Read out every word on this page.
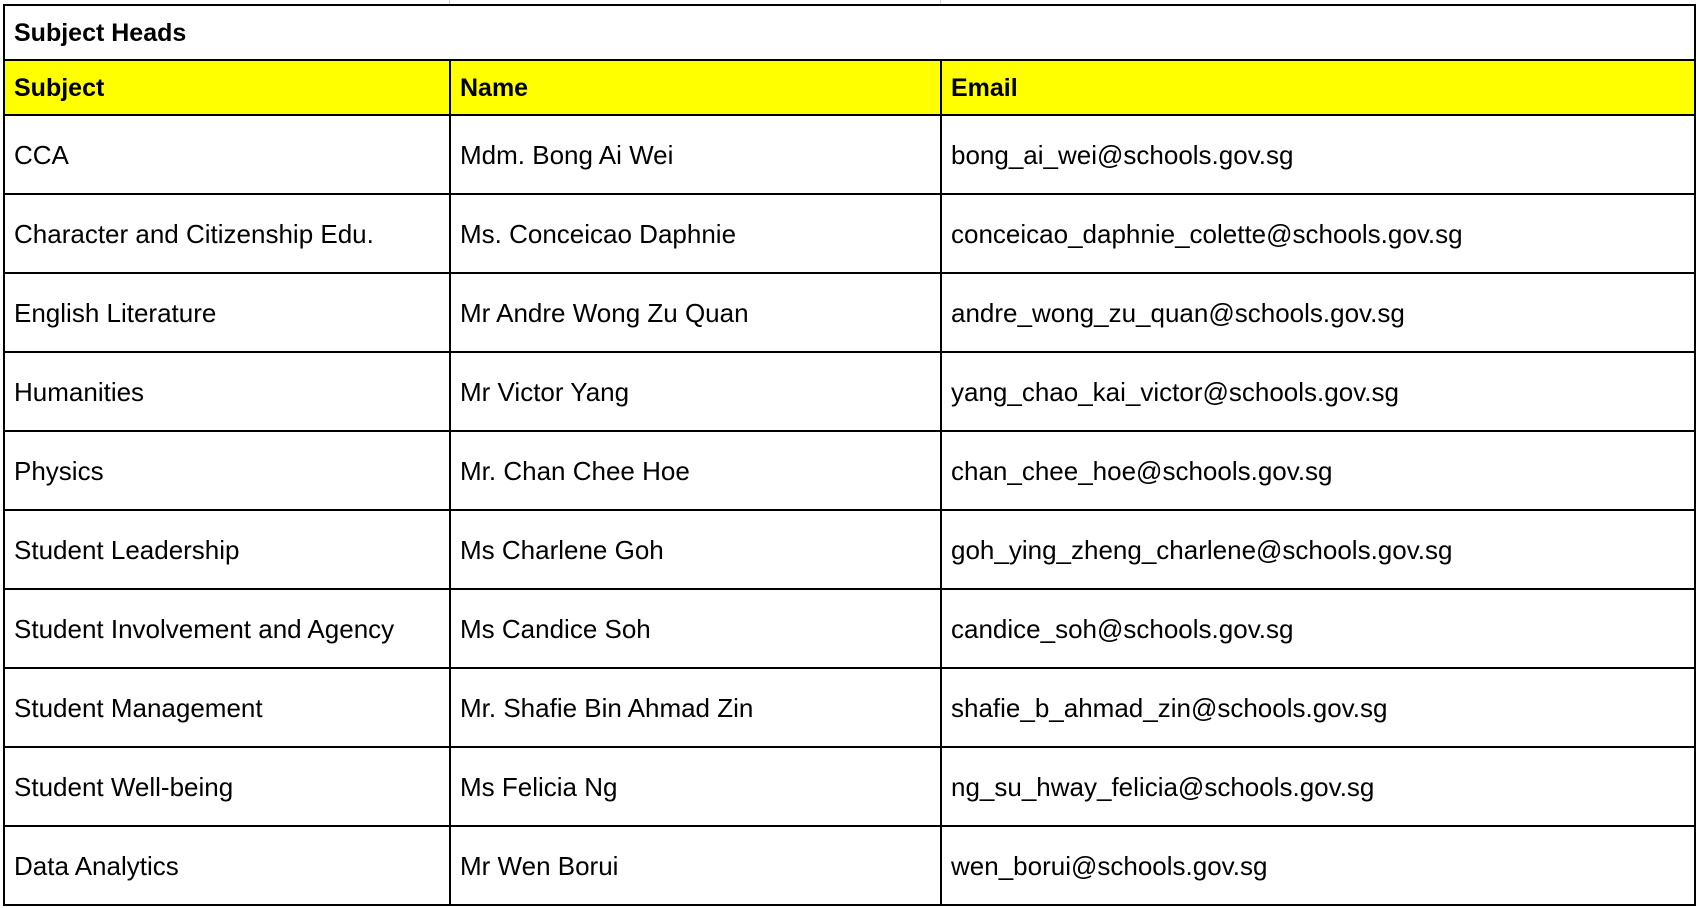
Subject Heads		
Subject	Name	Email
CCA	Mdm. Bong Ai Wei	bong_ai_wei@schools.gov.sg
Character and Citizenship Edu.	Ms. Conceicao Daphnie	conceicao_daphnie_colette@schools.gov.sg
English Literature	Mr Andre Wong Zu Quan	andre_wong_zu_quan@schools.gov.sg
Humanities	Mr Victor Yang	yang_chao_kai_victor@schools.gov.sg
Physics	Mr. Chan Chee Hoe	chan_chee_hoe@schools.gov.sg
Student Leadership	Ms Charlene Goh	goh_ying_zheng_charlene@schools.gov.sg
Student Involvement and Agency	Ms Candice Soh	candice_soh@schools.gov.sg
Student Management	Mr. Shafie Bin Ahmad Zin	shafie_b_ahmad_zin@schools.gov.sg
Student Well-being	Ms Felicia Ng	ng_su_hway_felicia@schools.gov.sg
Data Analytics	Mr Wen Borui	wen_borui@schools.gov.sg
